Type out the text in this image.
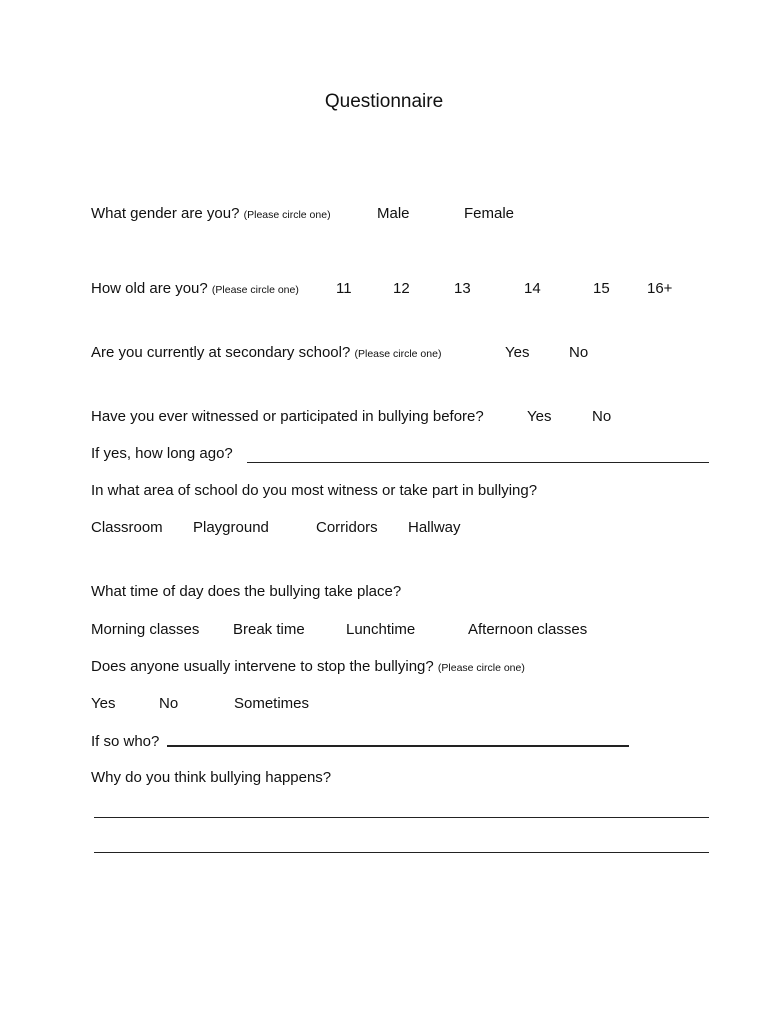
Questionnaire
What gender are you? (Please circle one)	Male	Female
How old are you? (Please circle one) 11	12	13	14	15 16+
Are you currently at secondary school? (Please circle one)	Yes	No
Have you ever witnessed or participated in bullying before?	Yes	No
If yes, how long ago?
In what area of school do you most witness or take part in bullying?
Classroom Playground	Corridors Hallway
What time of day does the bullying take place?
Morning classes Break time	Lunchtime	Afternoon classes
Does anyone usually intervene to stop the bullying? (Please circle one)
Yes	No	Sometimes
If so who?
Why do you think bullying happens?
